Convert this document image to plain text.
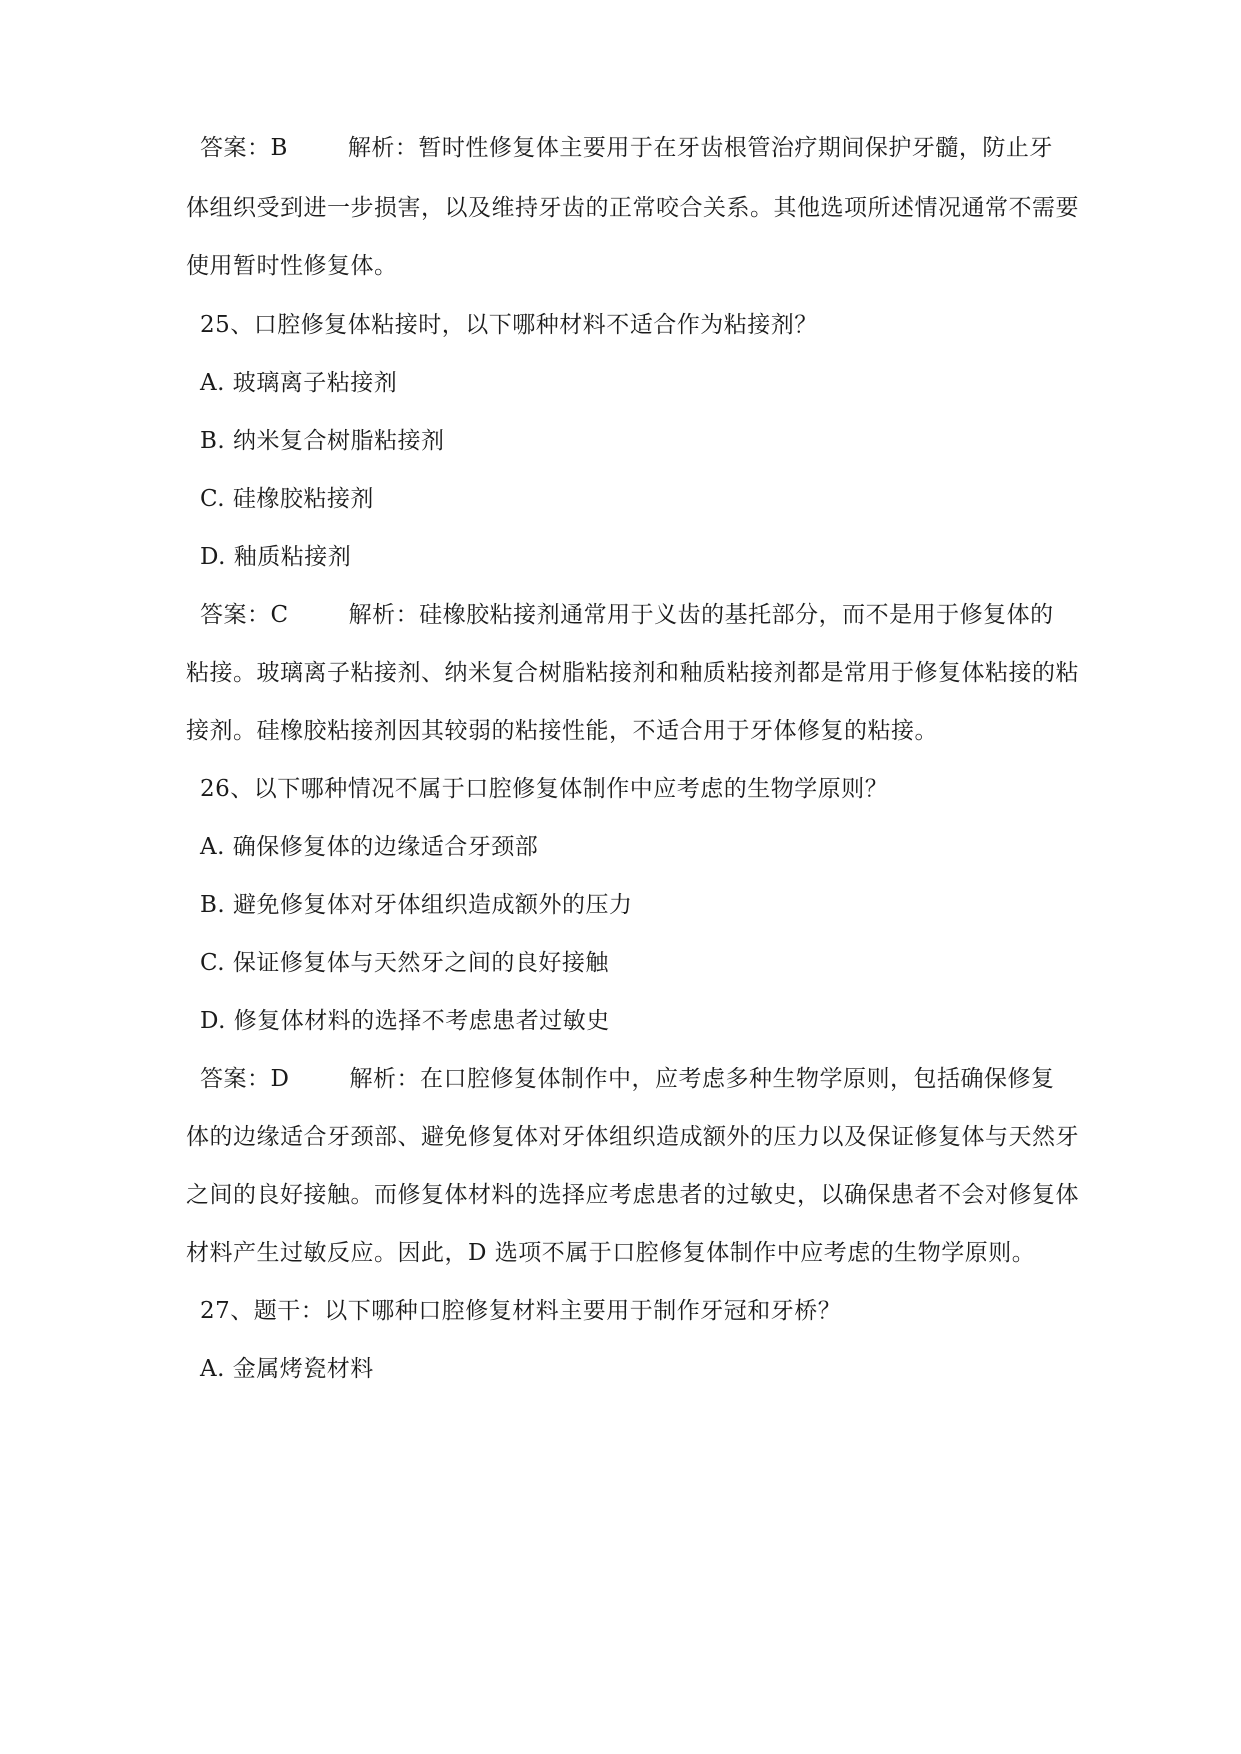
答案：B	解析：暂时性修复体主要用于在牙齿根管治疗期间保护牙髓，防止牙
体组织受到进一步损害，以及维持牙齿的正常咬合关系。其他选项所述情况通常不需要
使用暂时性修复体。
25、口腔修复体粘接时，以下哪种材料不适合作为粘接剂？
A. 玻璃离子粘接剂
B. 纳米复合树脂粘接剂
C. 硅橡胶粘接剂
D. 釉质粘接剂
答案：C	解析：硅橡胶粘接剂通常用于义齿的基托部分，而不是用于修复体的
粘接。玻璃离子粘接剂、纳米复合树脂粘接剂和釉质粘接剂都是常用于修复体粘接的粘
接剂。硅橡胶粘接剂因其较弱的粘接性能，不适合用于牙体修复的粘接。
26、以下哪种情况不属于口腔修复体制作中应考虑的生物学原则？
A. 确保修复体的边缘适合牙颈部
B. 避免修复体对牙体组织造成额外的压力
C. 保证修复体与天然牙之间的良好接触
D. 修复体材料的选择不考虑患者过敏史
答案：D	解析：在口腔修复体制作中，应考虑多种生物学原则，包括确保修复
体的边缘适合牙颈部、避免修复体对牙体组织造成额外的压力以及保证修复体与天然牙
之间的良好接触。而修复体材料的选择应考虑患者的过敏史，以确保患者不会对修复体
材料产生过敏反应。因此，D 选项不属于口腔修复体制作中应考虑的生物学原则。
27、题干：以下哪种口腔修复材料主要用于制作牙冠和牙桥？
A. 金属烤瓷材料
